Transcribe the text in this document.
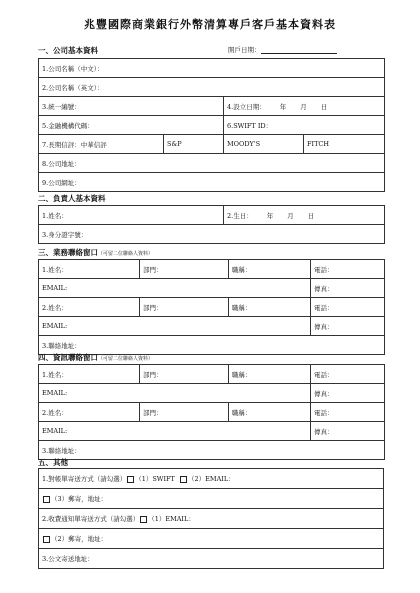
兆豐國際商業銀行外幣清算專戶客戶基本資料表
一、公司基本資料	開戶日期：
1.公司名稱（中文）：			
2.公司名稱（英文）：			
3.統一編號：		4.設立日期： 年 月 日	
5.金融機構代碼：		6.SWIFT ID：	
7.長期信評：中華信評	S&P	MOODY'S	FITCH
8.公司地址：			
9.公司網址：			
二、負責人基本資料
1.姓名：	2.生日： 年 月 日
3.身分證字號：
三、業務聯絡窗口（可留二位聯絡人資料）
1.姓名：	部門：	職稱：	電話：
EMAIL:			傳真：
2.姓名：	部門：	職稱：	電話：
EMAIL:			傳真：
3.聯絡地址：			
四、資訊聯絡窗口（可留二位聯絡人資料）
1.姓名：	部門：	職稱：	電話：
EMAIL:			傳真：
2.姓名：	部門：	職稱：	電話：
EMAIL:			傳真：
3.聯絡地址：			
五、其他
1.對帳單寄送方式（請勾選） （1）SWIFT （2）EMAIL：
（3）郵寄，地址：
2.收費通知單寄送方式（請勾選） （1）EMAIL：
（2）郵寄，地址：
3.公文寄送地址：
